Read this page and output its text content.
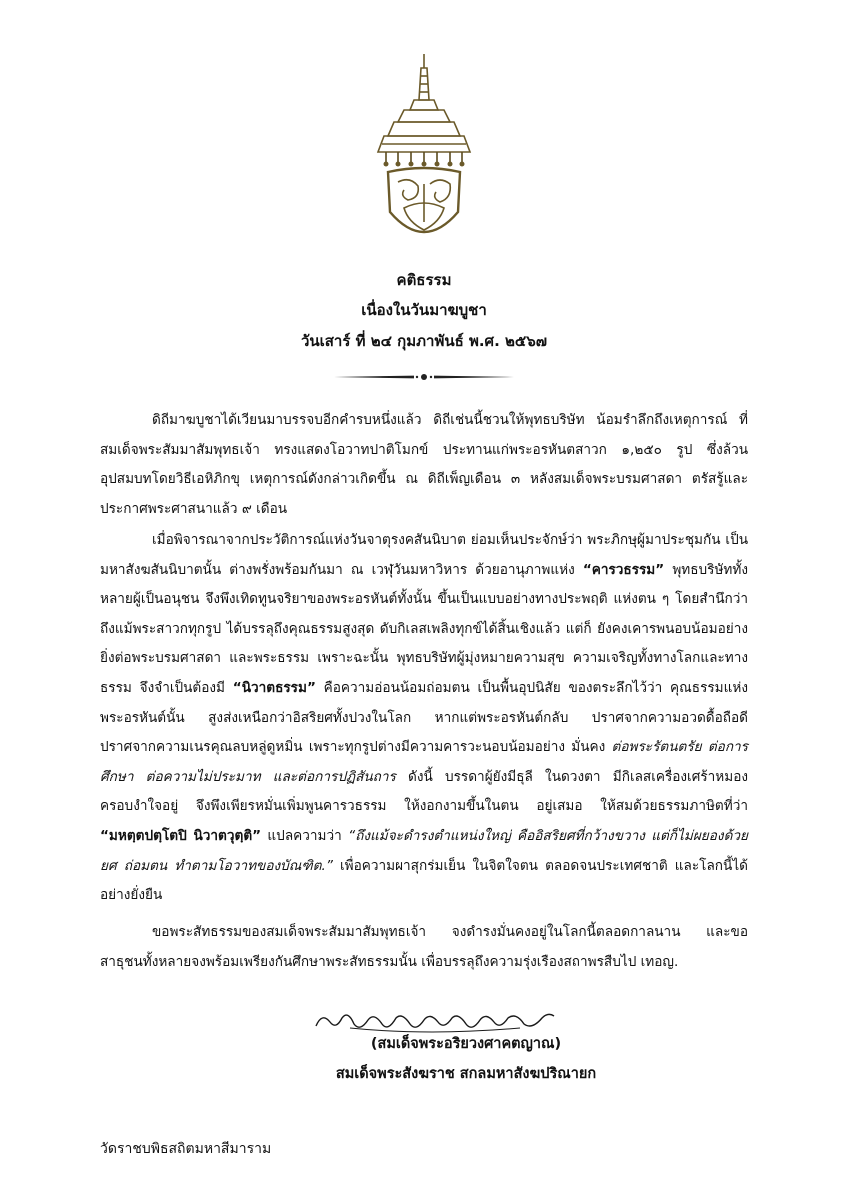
คติธรรม
เนื่องในวันมาฆบูชา
วันเสาร์ ที่ ๒๔ กุมภาพันธ์ พ.ศ. ๒๕๖๗
ดิถีมาฆบูชาได้เวียนมาบรรจบอีกคำรบหนึ่งแล้ว ดิถีเช่นนี้ชวนให้พุทธบริษัท น้อมรำลึกถึงเหตุการณ์ ที่สมเด็จพระสัมมาสัมพุทธเจ้า ทรงแสดงโอวาทปาติโมกข์ ประทานแก่พระอรหันตสาวก ๑,๒๕๐ รูป ซึ่งล้วน อุปสมบทโดยวิธีเอหิภิกขุ เหตุการณ์ดังกล่าวเกิดขึ้น ณ ดิถีเพ็ญเดือน ๓ หลังสมเด็จพระบรมศาสดา ตรัสรู้และ ประกาศพระศาสนาแล้ว ๙ เดือน
เมื่อพิจารณาจากประวัติการณ์แห่งวันจาตุรงคสันนิบาต ย่อมเห็นประจักษ์ว่า พระภิกษุผู้มาประชุมกัน เป็นมหาสังฆสันนิบาตนั้น ต่างพรั่งพร้อมกันมา ณ เวฬุวันมหาวิหาร ด้วยอานุภาพแห่ง “คารวธรรม” พุทธบริษัททั้งหลายผู้เป็นอนุชน จึงพึงเทิดทูนจริยาของพระอรหันต์ทั้งนั้น ขึ้นเป็นแบบอย่างทางประพฤติ แห่งตน ๆ โดยสำนึกว่า ถึงแม้พระสาวกทุกรูป ได้บรรลุถึงคุณธรรมสูงสุด ดับกิเลสเพลิงทุกข์ได้สิ้นเชิงแล้ว แต่ก็ ยังคงเคารพนอบน้อมอย่างยิ่งต่อพระบรมศาสดา และพระธรรม เพราะฉะนั้น พุทธบริษัทผู้มุ่งหมายความสุข ความเจริญทั้งทางโลกและทางธรรม จึงจำเป็นต้องมี “นิวาตธรรม” คือความอ่อนน้อมถ่อมตน เป็นพื้นอุปนิสัย ของตระลึกไว้ว่า คุณธรรมแห่งพระอรหันต์นั้น สูงส่งเหนือกว่าอิสริยศทั้งปวงในโลก หากแต่พระอรหันต์กลับ ปราศจากความอวดดื้อถือดี ปราศจากความเนรคุณลบหลู่ดูหมิ่น เพราะทุกรูปต่างมีความคารวะนอบน้อมอย่าง มั่นคง ต่อพระรัตนตรัย ต่อการศึกษา ต่อความไม่ประมาท และต่อการปฏิสันถาร ดังนี้ บรรดาผู้ยังมีธุลี ในดวงตา มีกิเลสเครื่องเศร้าหมองครอบงำใจอยู่ จึงพึงเพียรหมั่นเพิ่มพูนคารวธรรม ให้งอกงามขึ้นในตน อยู่เสมอ ให้สมด้วยธรรมภาษิตที่ว่า “มหตฺตปตฺโตปิ นิวาตวุตฺติ” แปลความว่า “ถึงแม้จะดำรงตำแหน่งใหญ่ คืออิสริยศที่กว้างขวาง แต่ก็ไม่ผยองด้วยยศ ถ่อมตน ทำตามโอวาทของบัณฑิต.” เพื่อความผาสุกร่มเย็น ในจิตใจตน ตลอดจนประเทศชาติ และโลกนี้ได้อย่างยั่งยืน
ขอพระสัทธรรมของสมเด็จพระสัมมาสัมพุทธเจ้า จงดำรงมั่นคงอยู่ในโลกนี้ตลอดกาลนาน และขอ สาธุชนทั้งหลายจงพร้อมเพรียงกันศึกษาพระสัทธรรมนั้น เพื่อบรรลุถึงความรุ่งเรืองสถาพรสืบไป เทอญ.
(สมเด็จพระอริยวงศาคตญาณ)
สมเด็จพระสังฆราช สกลมหาสังฆปริณายก
วัดราชบพิธสถิตมหาสีมาราม
